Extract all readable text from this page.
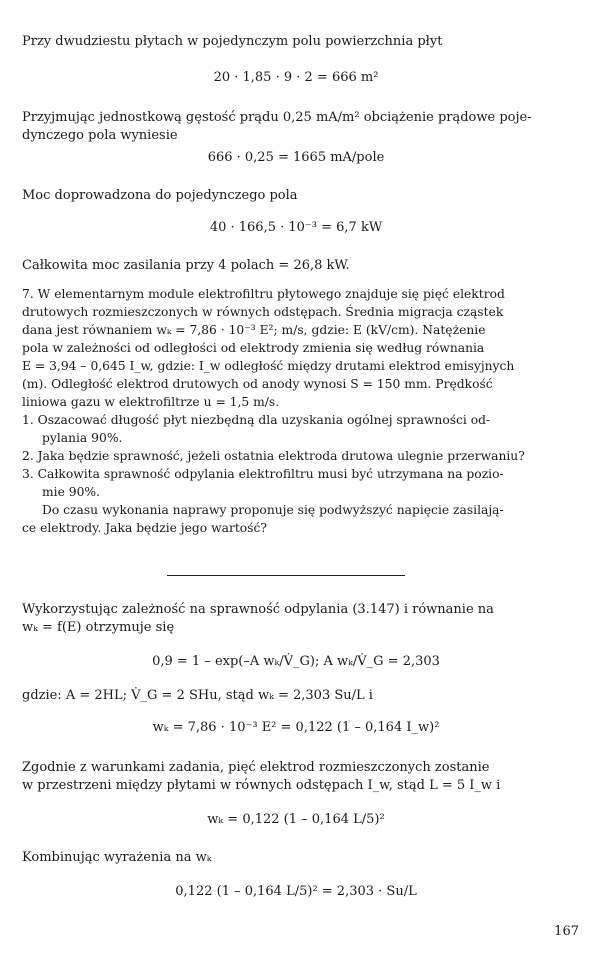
Przy dwudziestu płytach w pojedynczym polu powierzchnia płyt
20 · 1,85 · 9 · 2 = 666 m²
Przyjmując jednostkową gęstość prądu 0,25 mA/m² obciążenie prądowe poje-
dynczego pola wyniesie
666 · 0,25 = 1665 mA/pole
Moc doprowadzona do pojedynczego pola
40 · 166,5 · 10⁻³ = 6,7 kW
Całkowita moc zasilania przy 4 polach = 26,8 kW.
7. W elementarnym module elektrofiltru płytowego znajduje się pięć elektrod
drutowych rozmieszczonych w równych odstępach. Średnia migracja cząstek
dana jest równaniem wₖ = 7,86 · 10⁻³ E²; m/s, gdzie: E (kV/cm). Natężenie
pola w zależności od odległości od elektrody zmienia się według równania
E = 3,94 – 0,645 I_w, gdzie: I_w odległość między drutami elektrod emisyjnych
(m). Odległość elektrod drutowych od anody wynosi S = 150 mm. Prędkość
liniowa gazu w elektrofiltrze u = 1,5 m/s.
1. Oszacować długość płyt niezbędną dla uzyskania ogólnej sprawności od-
pylania 90%.
2. Jaka będzie sprawność, jeżeli ostatnia elektroda drutowa ulegnie przerwaniu?
3. Całkowita sprawność odpylania elektrofiltru musi być utrzymana na pozio-
mie 90%.
Do czasu wykonania naprawy proponuje się podwyższyć napięcie zasilają-
ce elektrody. Jaka będzie jego wartość?
Wykorzystując zależność na sprawność odpylania (3.147) i równanie na
wₖ = f(E) otrzymuje się
0,9 = 1 – exp(–A wₖ/V̇_G); A wₖ/V̇_G = 2,303
gdzie: A = 2HL; V̇_G = 2 SHu, stąd wₖ = 2,303 Su/L i
wₖ = 7,86 · 10⁻³ E² = 0,122 (1 – 0,164 I_w)²
Zgodnie z warunkami zadania, pięć elektrod rozmieszczonych zostanie
w przestrzeni między płytami w równych odstępach I_w, stąd L = 5 I_w i
wₖ = 0,122 (1 – 0,164 L/5)²
Kombinując wyrażenia na wₖ
0,122 (1 – 0,164 L/5)² = 2,303 · Su/L
167
